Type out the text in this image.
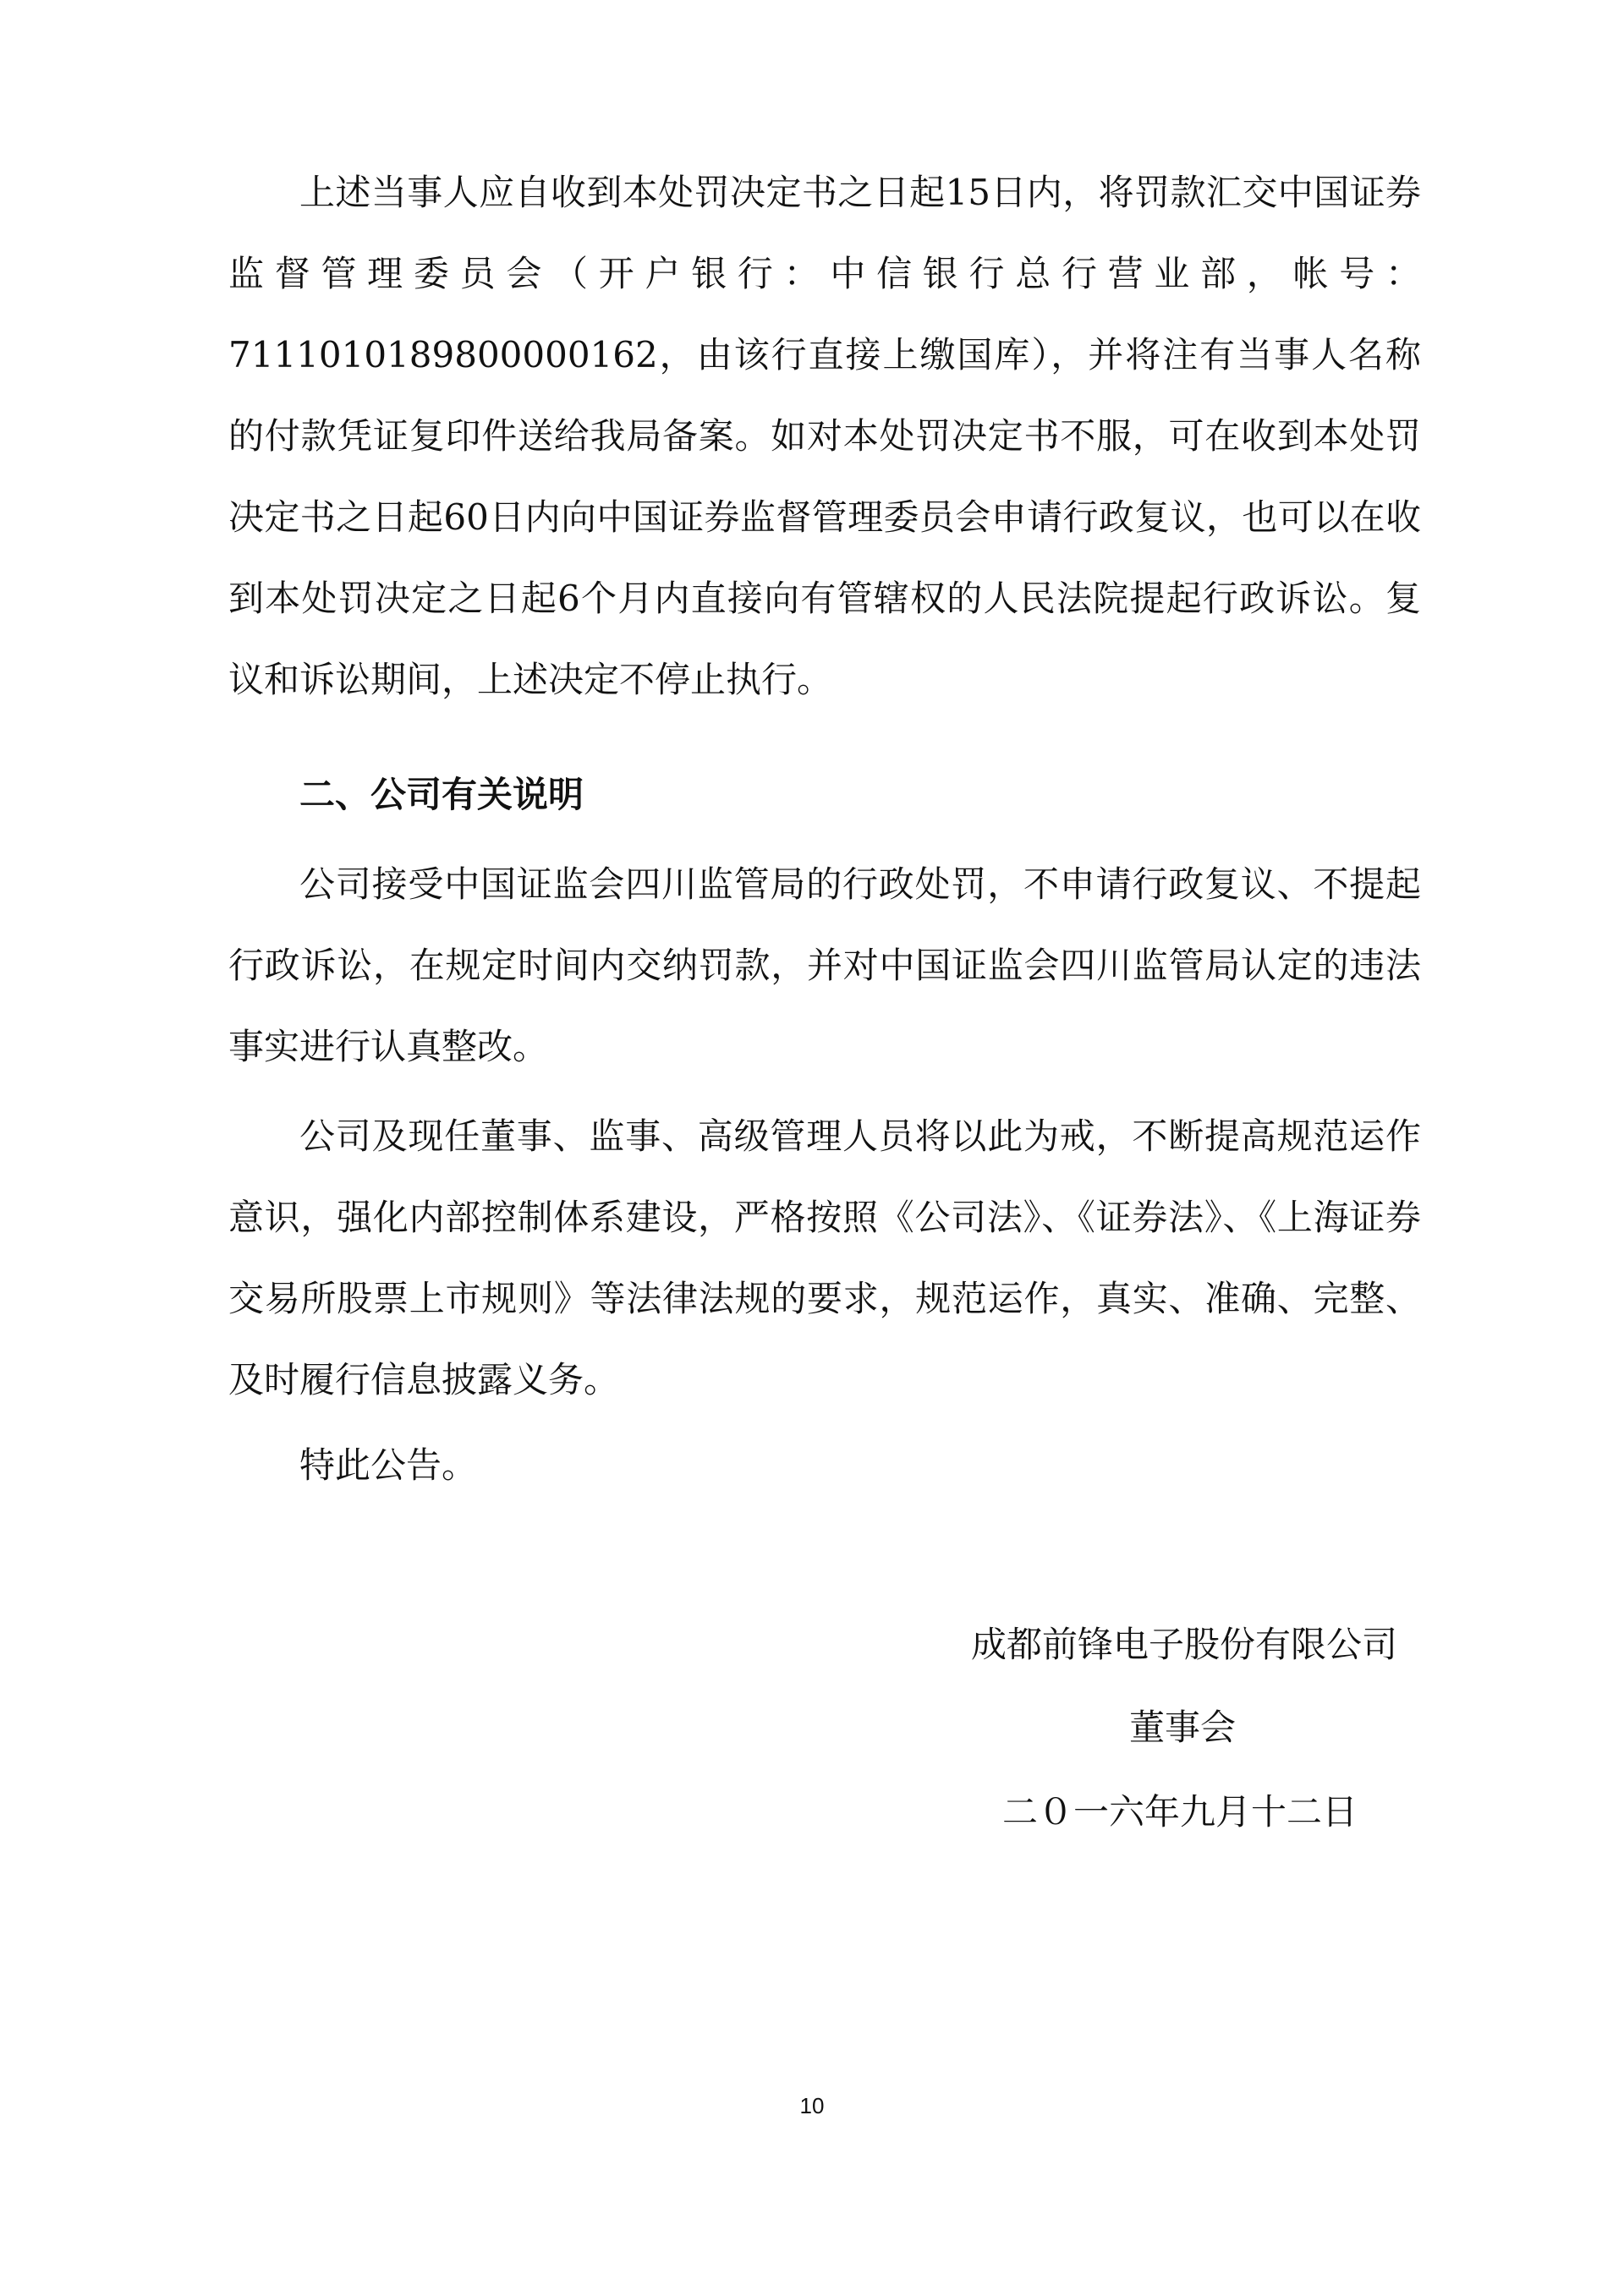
上述当事人应自收到本处罚决定书之日起15日内，将罚款汇交中国证券监督管理委员会（开户银行：中信银行总行营业部，帐号：7111010189800000162，由该行直接上缴国库），并将注有当事人名称的付款凭证复印件送给我局备案。如对本处罚决定书不服，可在收到本处罚决定书之日起60日内向中国证券监督管理委员会申请行政复议，也可以在收到本处罚决定之日起6个月内直接向有管辖权的人民法院提起行政诉讼。复议和诉讼期间，上述决定不停止执行。

二、公司有关说明

公司接受中国证监会四川监管局的行政处罚，不申请行政复议、不提起行政诉讼，在规定时间内交纳罚款，并对中国证监会四川监管局认定的违法事实进行认真整改。

公司及现任董事、监事、高级管理人员将以此为戒，不断提高规范运作意识，强化内部控制体系建设，严格按照《公司法》、《证券法》、《上海证券交易所股票上市规则》等法律法规的要求，规范运作，真实、准确、完整、及时履行信息披露义务。

特此公告。
成都前锋电子股份有限公司
董事会
二０一六年九月十二日
10
